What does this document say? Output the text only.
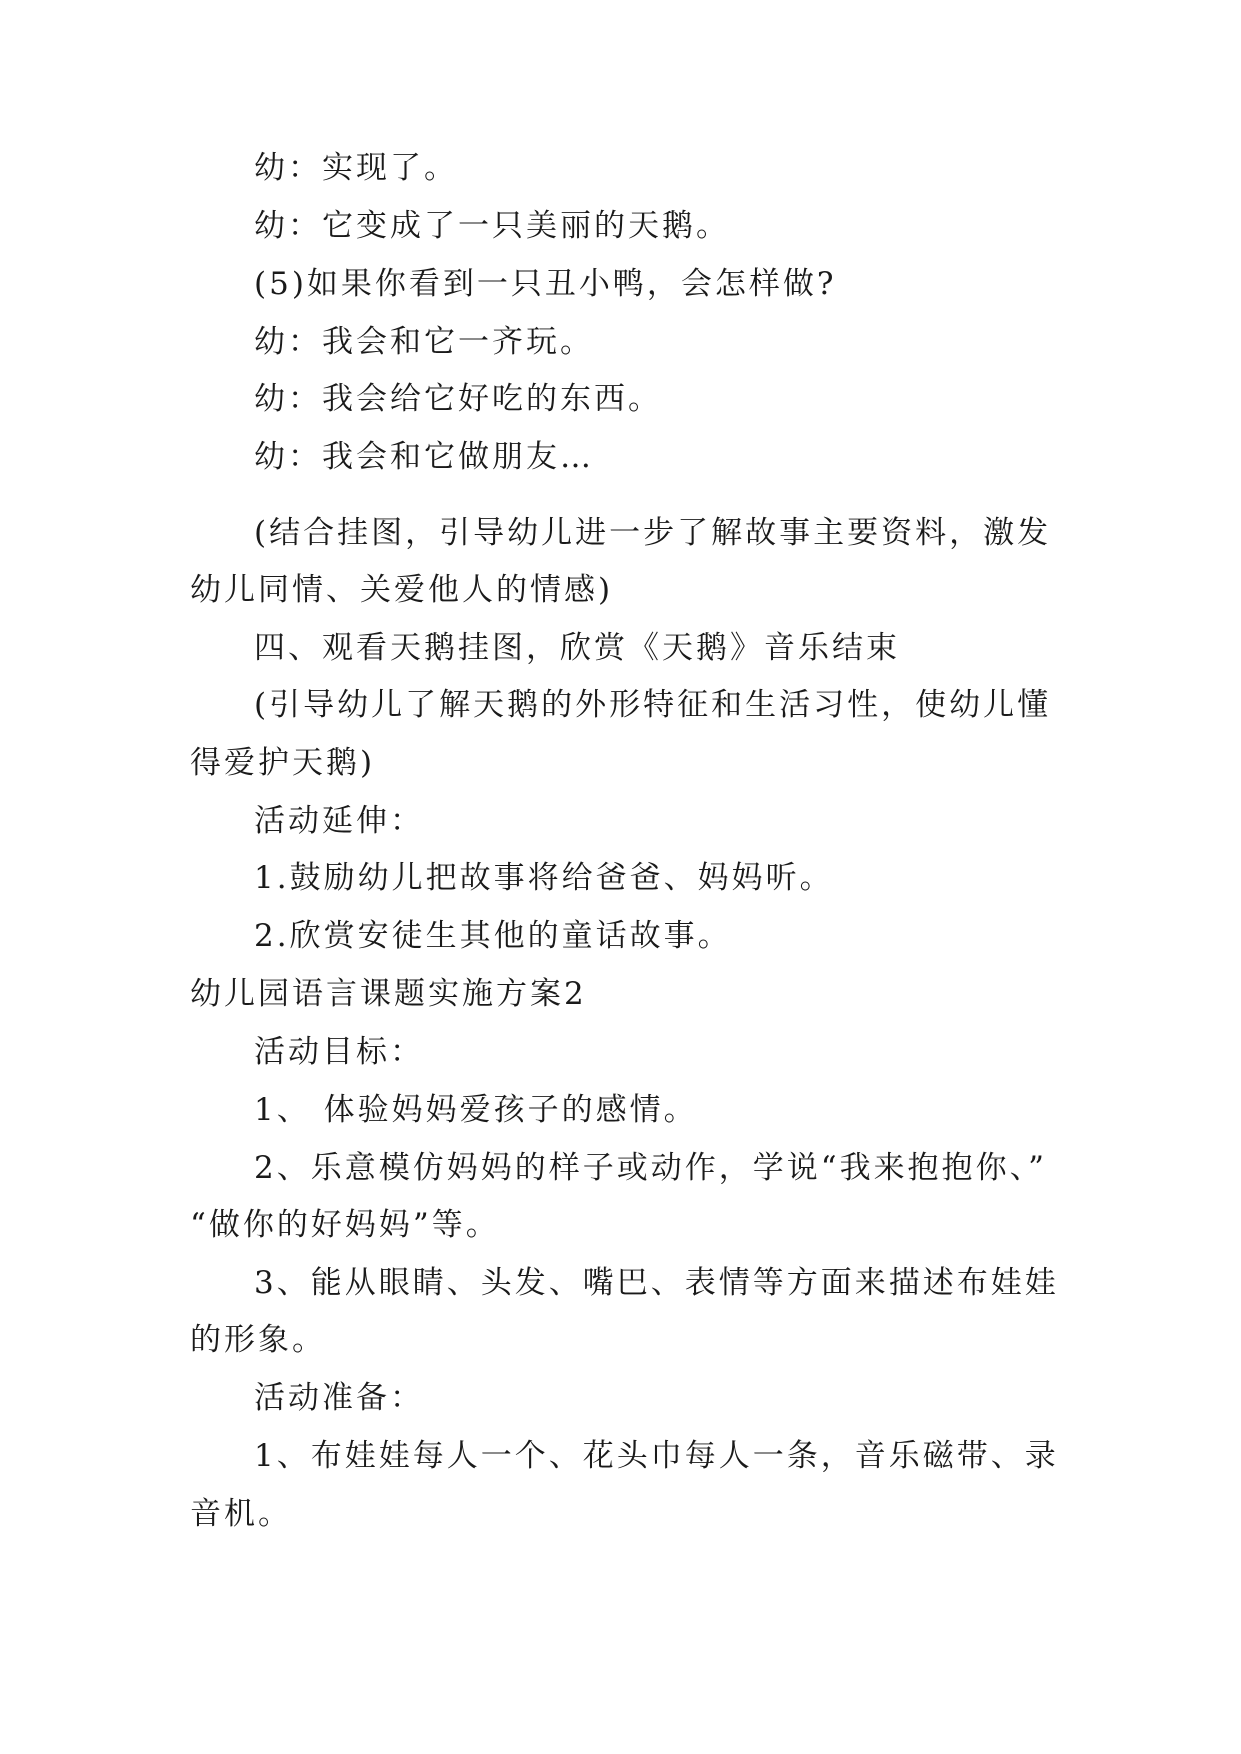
幼：实现了。

幼：它变成了一只美丽的天鹅。

(5)如果你看到一只丑小鸭，会怎样做?

幼：我会和它一齐玩。

幼：我会给它好吃的东西。

幼：我会和它做朋友…

(结合挂图，引导幼儿进一步了解故事主要资料，激发

幼儿同情、关爱他人的情感)

四、观看天鹅挂图，欣赏《天鹅》音乐结束

(引导幼儿了解天鹅的外形特征和生活习性，使幼儿懂

得爱护天鹅)

活动延伸：

1.鼓励幼儿把故事将给爸爸、妈妈听。

2.欣赏安徒生其他的童话故事。

幼儿园语言课题实施方案2

活动目标：

1、 体验妈妈爱孩子的感情。

2、乐意模仿妈妈的样子或动作，学说“我来抱抱你、”

“做你的好妈妈”等。

3、能从眼睛、头发、嘴巴、表情等方面来描述布娃娃

的形象。

活动准备：

1、布娃娃每人一个、花头巾每人一条，音乐磁带、录

音机。
